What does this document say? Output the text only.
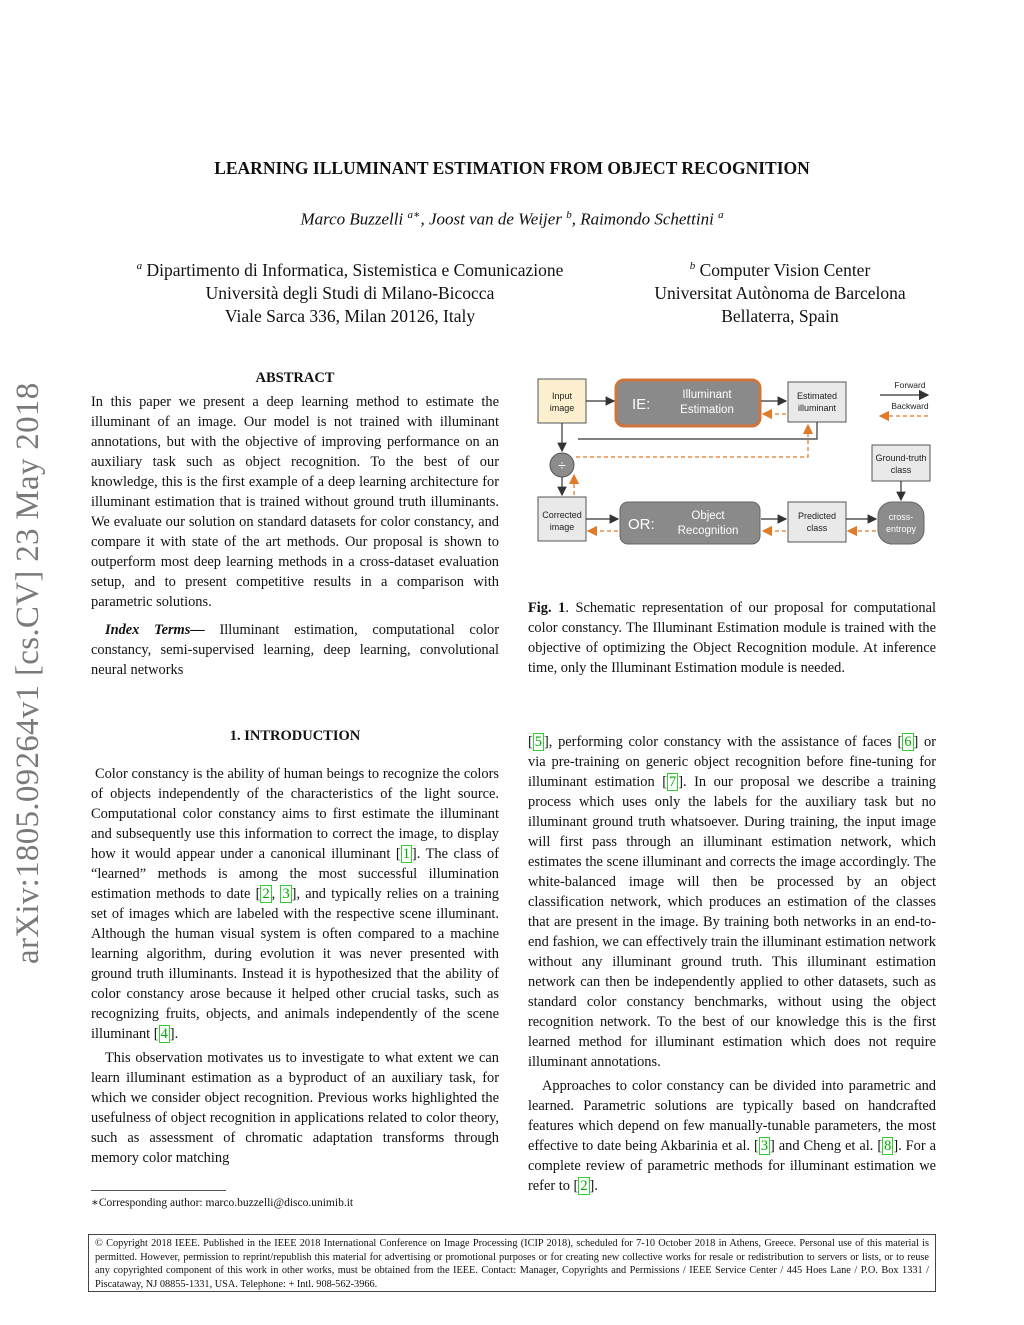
arXiv:1805.09264v1 [cs.CV] 23 May 2018
LEARNING ILLUMINANT ESTIMATION FROM OBJECT RECOGNITION
Marco Buzzelli $^{a∗}$, Joost van de Weijer $^b$, Raimondo Schettini $^a$
$^a$ Dipartimento di Informatica, Sistemistica e Comunicazione
Università degli Studi di Milano-Bicocca
Viale Sarca 336, Milan 20126, Italy
$^b$ Computer Vision Center
Universitat Autònoma de Barcelona
Bellaterra, Spain
ABSTRACT

In this paper we present a deep learning method to estimate the illuminant of an image. Our model is not trained with illuminant annotations, but with the objective of improving performance on an auxiliary task such as object recognition. To the best of our knowledge, this is the first example of a deep learning architecture for illuminant estimation that is trained without ground truth illuminants. We evaluate our solution on standard datasets for color constancy, and compare it with state of the art methods. Our proposal is shown to outperform most deep learning methods in a cross-dataset evaluation setup, and to present competitive results in a comparison with parametric solutions.

Index Terms— Illuminant estimation, computational color constancy, semi-supervised learning, deep learning, convolutional neural networks

1. INTRODUCTION

Color constancy is the ability of human beings to recognize the colors of objects independently of the characteristics of the light source. Computational color constancy aims to first estimate the illuminant and subsequently use this information to correct the image, to display how it would appear under a canonical illuminant [ 1 ]. The class of “learned” methods is among the most successful illumination estimation methods to date [ 2 , 3 ], and typically relies on a training set of images which are labeled with the respective scene illuminant. Although the human visual system is often compared to a machine learning algorithm, during evolution it was never presented with ground truth illuminants. Instead it is hypothesized that the ability of color constancy arose because it helped other crucial tasks, such as recognizing fruits, objects, and animals independently of the scene illuminant [ 4 ].

This observation motivates us to investigate to what extent we can learn illuminant estimation as a byproduct of an auxiliary task, for which we consider object recognition. Previous works highlighted the usefulness of object recognition in applications related to color theory, such as assessment of chromatic adaptation transforms through memory color matching

∗Corresponding author: marco.buzzelli@disco.unimib.it
Input
image	IE:
Illuminant
Estimation
Estimated
illuminant
Forward
Backward
÷	Ground-truth
class
Corrected
image	OR:	Object
Recognition
Predicted
class
cross-
entropy

Fig. 1. Schematic representation of our proposal for computational color constancy. The Illuminant Estimation module is trained with the objective of optimizing the Object Recognition module. At inference time, only the Illuminant Estimation module is needed.

[ 5 ], performing color constancy with the assistance of faces [ 6 ] or via pre-training on generic object recognition before fine-tuning for illuminant estimation [ 7 ]. In our proposal we describe a training process which uses only the labels for the auxiliary task but no illuminant ground truth whatsoever. During training, the input image will first pass through an illuminant estimation network, which estimates the scene illuminant and corrects the image accordingly. The white-balanced image will then be processed by an object classification network, which produces an estimation of the classes that are present in the image. By training both networks in an end-to-end fashion, we can effectively train the illuminant estimation network without any illuminant ground truth. This illuminant estimation network can then be independently applied to other datasets, such as standard color constancy benchmarks, without using the object recognition network. To the best of our knowledge this is the first learned method for illuminant estimation which does not require illuminant annotations.

Approaches to color constancy can be divided into parametric and learned. Parametric solutions are typically based on handcrafted features which depend on few manually-tunable parameters, the most effective to date being Akbarinia et al. [ 3 ] and Cheng et al. [ 8 ]. For a complete review of parametric methods for illuminant estimation we refer to [ 2 ].

© Copyright 2018 IEEE. Published in the IEEE 2018 International Conference on Image Processing (ICIP 2018), scheduled for 7-10 October 2018 in Athens, Greece. Personal use of this material is permitted. However, permission to reprint/republish this material for advertising or promotional purposes or for creating new collective works for resale or redistribution to servers or lists, or to reuse any copyrighted component of this work in other works, must be obtained from the IEEE. Contact: Manager, Copyrights and Permissions / IEEE Service Center / 445 Hoes Lane / P.O. Box 1331 / Piscataway, NJ 08855-1331, USA. Telephone: + Intl. 908-562-3966.
